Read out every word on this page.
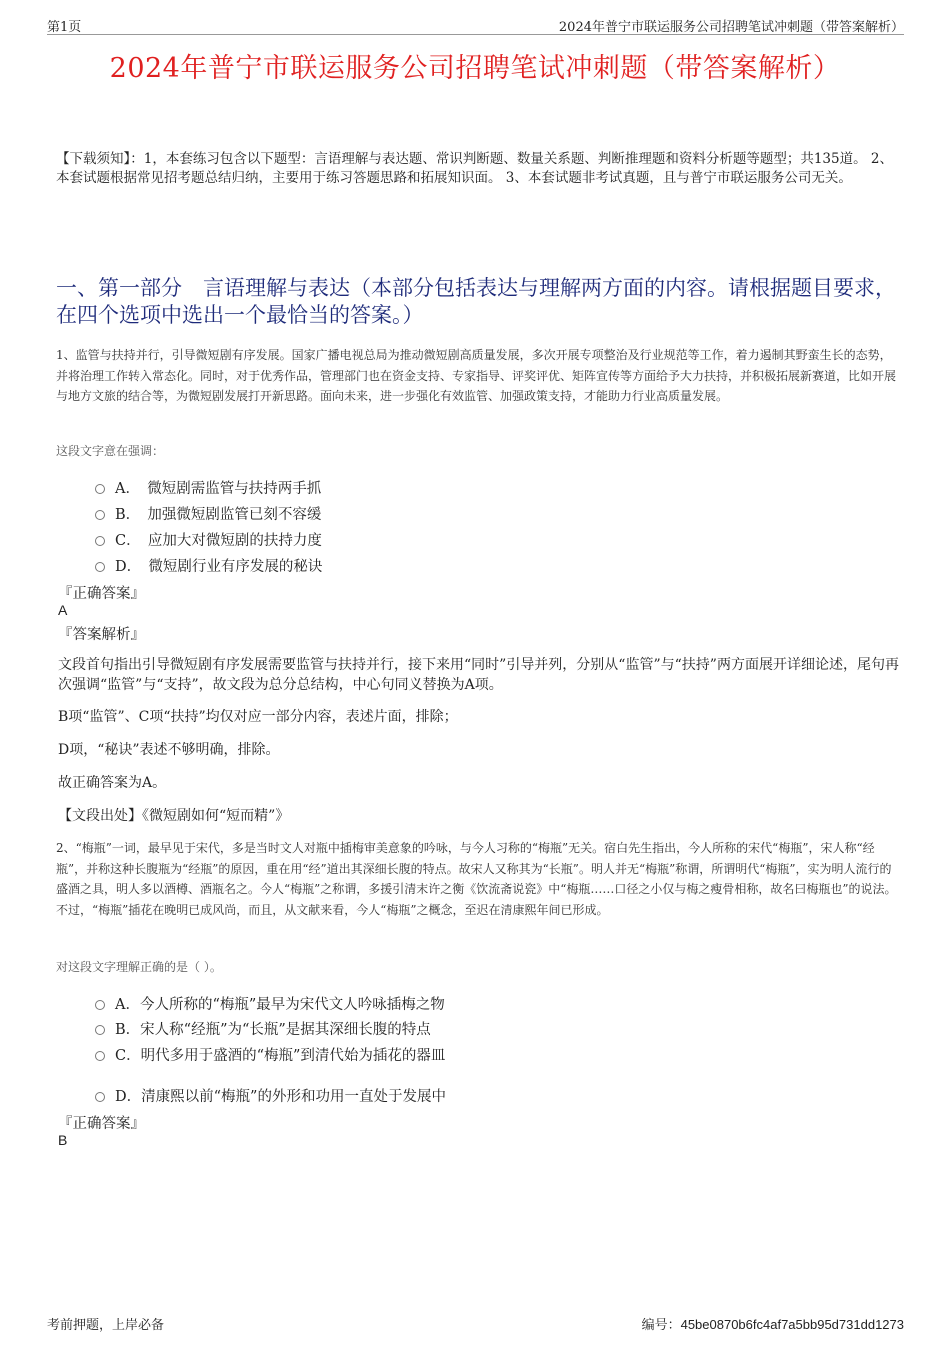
第1页	2024年普宁市联运服务公司招聘笔试冲刺题（带答案解析）
2024年普宁市联运服务公司招聘笔试冲刺题（带答案解析）
【下载须知】：1，本套练习包含以下题型：言语理解与表达题、常识判断题、数量关系题、判断推理题和资料分析题等题型；共135道。 2、本套试题根据常见招考题总结归纳，主要用于练习答题思路和拓展知识面。 3、本套试题非考试真题，且与普宁市联运服务公司无关。
一、第一部分　言语理解与表达（本部分包括表达与理解两方面的内容。请根据题目要求，在四个选项中选出一个最恰当的答案。）
1、监管与扶持并行，引导微短剧有序发展。国家广播电视总局为推动微短剧高质量发展，多次开展专项整治及行业规范等工作，着力遏制其野蛮生长的态势，并将治理工作转入常态化。同时，对于优秀作品，管理部门也在资金支持、专家指导、评奖评优、矩阵宣传等方面给予大力扶持，并积极拓展新赛道，比如开展与地方文旅的结合等，为微短剧发展打开新思路。面向未来，进一步强化有效监管、加强政策支持，才能助力行业高质量发展。
这段文字意在强调：
A．　微短剧需监管与扶持两手抓
B．　加强微短剧监管已刻不容缓
C．　应加大对微短剧的扶持力度
D．　微短剧行业有序发展的秘诀
『正确答案』
A
『答案解析』
文段首句指出引导微短剧有序发展需要监管与扶持并行，接下来用“同时”引导并列，分别从“监管”与“扶持”两方面展开详细论述，尾句再次强调“监管”与“支持”，故文段为总分总结构，中心句同义替换为A项。
B项“监管”、C项“扶持”均仅对应一部分内容，表述片面，排除；
D项，“秘诀”表述不够明确，排除。
故正确答案为A。
【文段出处】《微短剧如何“短而精”》
2、“梅瓶”一词，最早见于宋代，多是当时文人对瓶中插梅审美意象的吟咏，与今人习称的“梅瓶”无关。宿白先生指出，今人所称的宋代“梅瓶”，宋人称“经瓶”，并称这种长腹瓶为“经瓶”的原因，重在用“经”道出其深细长腹的特点。故宋人又称其为“长瓶”。明人并无“梅瓶”称谓，所谓明代“梅瓶”，实为明人流行的盛酒之具，明人多以酒樽、酒瓶名之。今人“梅瓶”之称谓，多援引清末许之衡《饮流斋说瓷》中“梅瓶……口径之小仅与梅之瘦骨相称，故名曰梅瓶也”的说法。不过，“梅瓶”插花在晚明已成风尚，而且，从文献来看，今人“梅瓶”之概念，至迟在清康熙年间已形成。
对这段文字理解正确的是（ ）。
A．今人所称的“梅瓶”最早为宋代文人吟咏插梅之物
B．宋人称“经瓶”为“长瓶”是据其深细长腹的特点
C．明代多用于盛酒的“梅瓶”到清代始为插花的器皿
D．清康熙以前“梅瓶”的外形和功用一直处于发展中
『正确答案』
B
考前押题，上岸必备	编号：45be0870b6fc4af7a5bb95d731dd1273
